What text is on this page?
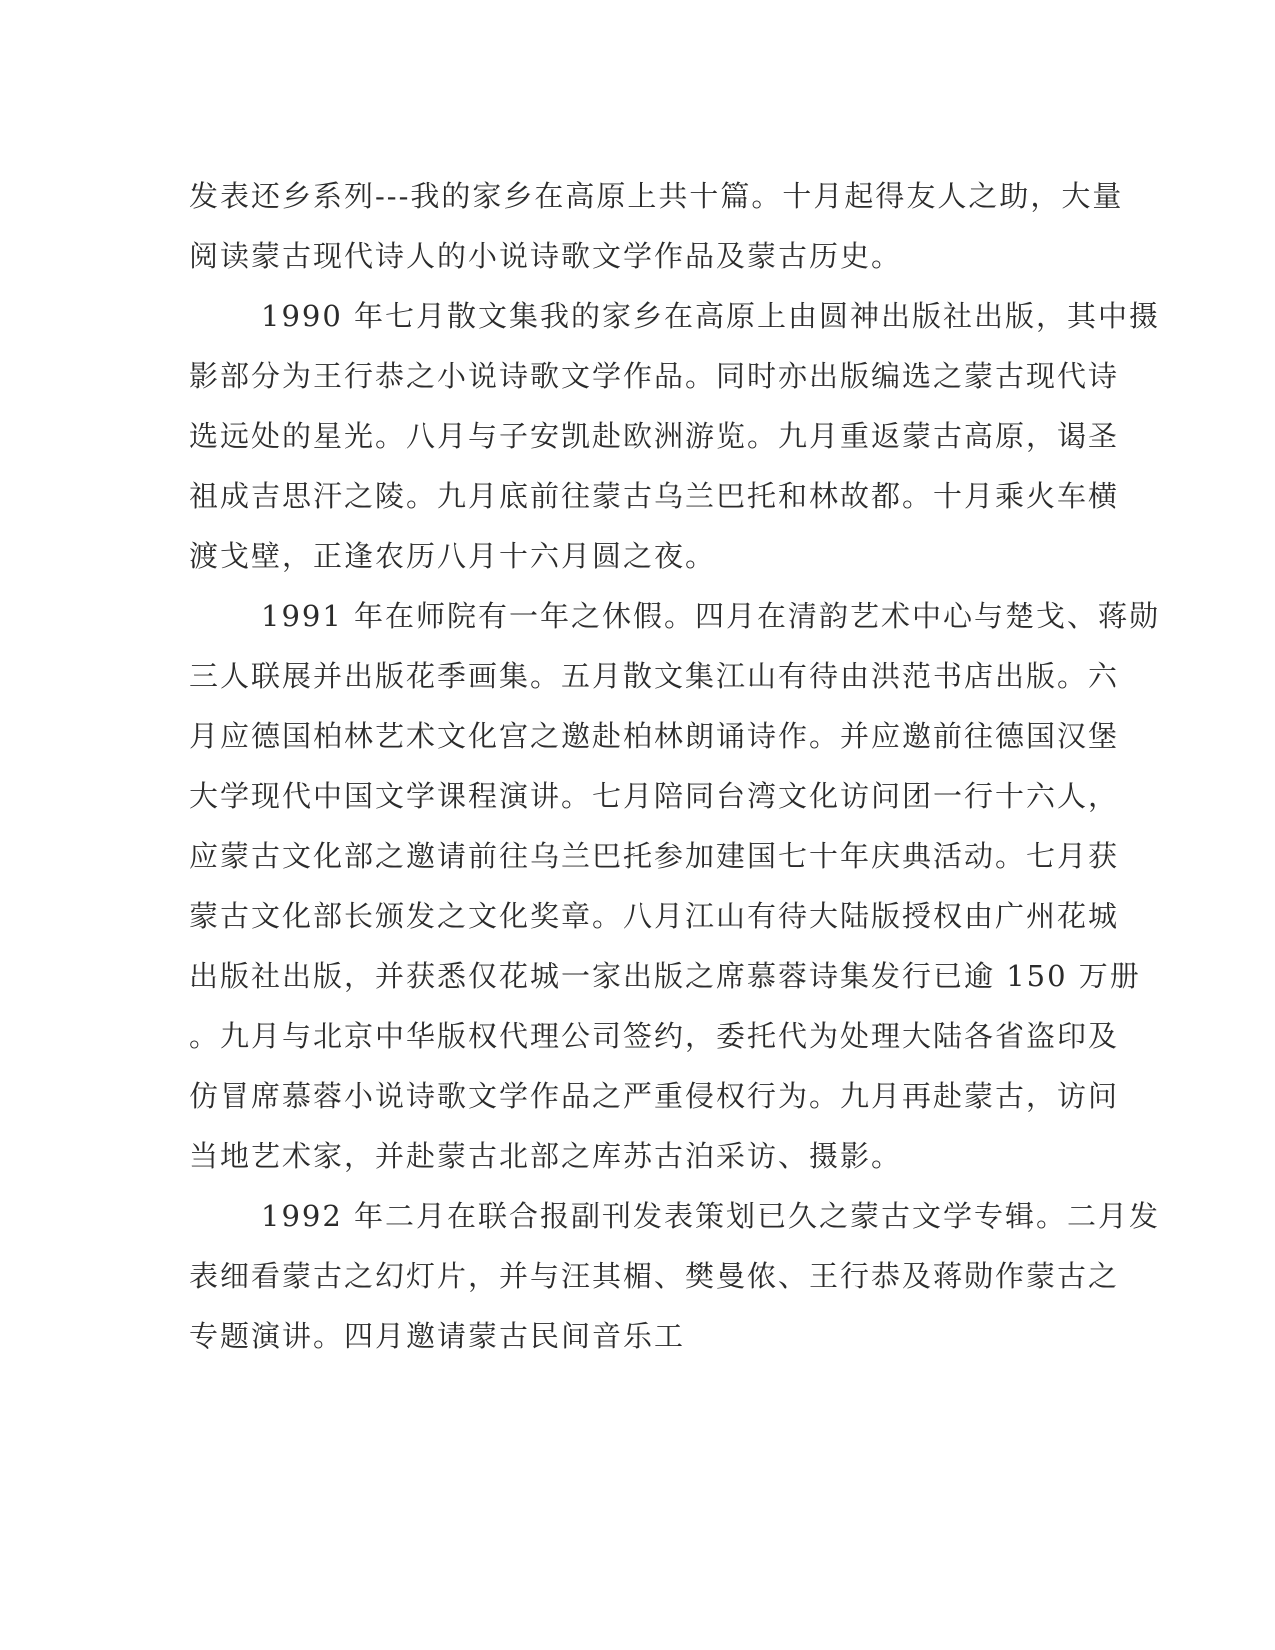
发表还乡系列---我的家乡在高原上共十篇。十月起得友人之助，大量
阅读蒙古现代诗人的小说诗歌文学作品及蒙古历史。
1990 年七月散文集我的家乡在高原上由圆神出版社出版，其中摄
影部分为王行恭之小说诗歌文学作品。同时亦出版编选之蒙古现代诗
选远处的星光。八月与子安凯赴欧洲游览。九月重返蒙古高原，谒圣
祖成吉思汗之陵。九月底前往蒙古乌兰巴托和林故都。十月乘火车横
渡戈壁，正逢农历八月十六月圆之夜。
1991 年在师院有一年之休假。四月在清韵艺术中心与楚戈、蒋勋
三人联展并出版花季画集。五月散文集江山有待由洪范书店出版。六
月应德国柏林艺术文化宫之邀赴柏林朗诵诗作。并应邀前往德国汉堡
大学现代中国文学课程演讲。七月陪同台湾文化访问团一行十六人，
应蒙古文化部之邀请前往乌兰巴托参加建国七十年庆典活动。七月获
蒙古文化部长颁发之文化奖章。八月江山有待大陆版授权由广州花城
出版社出版，并获悉仅花城一家出版之席慕蓉诗集发行已逾 150 万册
。九月与北京中华版权代理公司签约，委托代为处理大陆各省盗印及
仿冒席慕蓉小说诗歌文学作品之严重侵权行为。九月再赴蒙古，访问
当地艺术家，并赴蒙古北部之库苏古泊采访、摄影。
1992 年二月在联合报副刊发表策划已久之蒙古文学专辑。二月发
表细看蒙古之幻灯片，并与汪其楣、樊曼侬、王行恭及蒋勋作蒙古之
专题演讲。四月邀请蒙古民间音乐工
